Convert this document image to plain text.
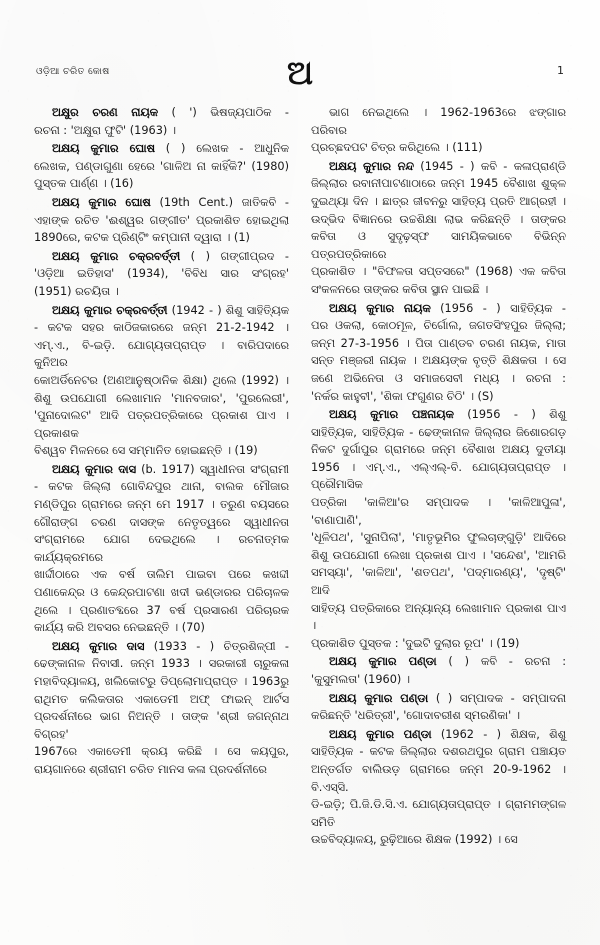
ଓଡ଼ିଆ ଚରିତ କୋଷ	ଅ	1

ଅକ୍ଷୁର ଚରଣ ନାୟକ ( ') ଭିଷଜ୍ୟପାଠିକ -

ରଚନା : 'ଅକ୍ଷୁରା ଫୁଟି' (1963) ।

ଅକ୍ଷୟ କୁମାର ଘୋଷ ( ) ଲେଖକ - ଆଧୁନିକ

ଲେଖକ, ପଣ୍ଡାଗୁଣା ହେରେ 'ଗାଳିଅ ନା କାହିଁକି?' (1980)

ପୁସ୍ତକ ପାର୍ଣ୍ଣ । (16)

ଅକ୍ଷୟ କୁମାର ଘୋଷ (19th Cent.) ଜାତିକବି -

ଏହାଙ୍କ ରଚିତ 'ଈଶ୍ୱର ଗଙ୍ଗୀତ' ପ୍ରକାଶିତ ହୋଇଥିଲା

1890ରେ, କଟକ ପ୍ରିଣ୍ଟିଂ କମ୍ପାନୀ ଦ୍ୱାରା । (1)

ଅକ୍ଷୟ କୁମାର ଚକ୍ରବର୍ତ୍ତୀ ( ) ଗଙ୍ଗୀପ୍ରଦ -

'ଓଡ଼ିଆ ଇତିହାସ' (1934), 'ବିବିଧ ସାର ସଂଗ୍ରହ'

(1951) ରଚୟିତା ।

ଅକ୍ଷୟ କୁମାର ଚକ୍ରବର୍ତ୍ତୀ (1942 - ) ଶିଶୁ ସାହିତ୍ୟିକ

- କଟକ ସହର କାଠିଜକାରରେ ଜନ୍ମ 21-2-1942 ।

ଏମ୍.ଏ., ବି-ଇଡ଼ି. ଯୋଗ୍ୟତାପ୍ରାପ୍ତ । ବାରିପଦାରେ କୁନିଅର

କୋଅର୍ଡିନେଟର (ଅଣଆନୁଷ୍ଠାନିକ ଶିକ୍ଷା) ଥିଲେ (1992) ।

ଶିଶୁ ଉପଯୋଗୀ ଲେଖାମାନ 'ମାନବଜାର', 'ପୁରଲେରୀ',

'ପୁନାଦୋଲଟ' ଆଦି ପତ୍ରପତ୍ରିକାରେ ପ୍ରକାଶ ପାଏ । ପ୍ରକାଶକ

ବିଶ୍ୱବ ମିଳନରେ ସେ ସମ୍ମାନିତ ହୋଇଛନ୍ତି । (19)

ଅକ୍ଷୟ କୁମାର ଦାସ (b. 1917) ସ୍ୱାଧୀନତା ସଂଗ୍ରାମୀ

- କଟକ ଜିଲ୍ଲା ଗୋବିନ୍ଦପୁର ଥାନା, ବାଲକ ମୌଜାର

ମଣ୍ଡିପୁର ଗ୍ରାମରେ ଜନ୍ମ ମେ 1917 । ତରୁଣ ବୟସରେ

ଗୌରାଙ୍ଗ ଚରଣ ଦାସଙ୍କ ନେତୃତ୍ୱରେ ସ୍ୱାଧୀନତା

ସଂଗ୍ରାମରେ ଯୋଗ ଦେଇଥିଲେ । ରଚନାତ୍ମକ କାର୍ଯ୍ୟକ୍ରମରେ

ଖାର୍ଦ୍ଦୀଠାରେ ଏକ ବର୍ଷ ତାଲିମ ପାଇବା ପରେ କଖଦ୍ଦୀ

ପଣାକେନ୍ଦ୍ର ଓ କେନ୍ଦ୍ରପାଟଣା ଖଦୀ ଭଣ୍ଡାରର ପରିଚାଳକ

ଥିଲେ । ପ୍ରଣାତବ୍ଦରେ 37 ବର୍ଷ ପ୍ରସାରଣ ପରିଚାରକ

କାର୍ଯ୍ୟ କରି ଅବସର ନେଇଛନ୍ତି । (70)

ଅକ୍ଷୟ କୁମାର ଦାସ (1933 - ) ଚିତ୍ରଶିଳ୍ପୀ -

ଢେଙ୍କାନାଳ ନିବାସୀ. ଜନ୍ମ 1933 । ସରକାରୀ ଚାରୁକଳା

ମହାବିଦ୍ୟାଳୟ, ଖଲିକୋଟରୁ ଡିପ୍ଲୋମାପ୍ରାପ୍ତ । 1963ରୁ

ରାଥିମତ କଲିକତାର ଏକାଡେମୀ ଅଫ୍ ଫାଇନ୍ ଆର୍ଟସ

ପ୍ରଦର୍ଶନୀରେ ଭାଗ ନିଅନ୍ତି । ତାଙ୍କ 'ଶ୍ରୀ ଜଗନ୍ନାଥ ବିଗ୍ରହ'

1967ରେ ଏକାଡେମୀ କ୍ରୟ କରିଛି । ସେ କୟପୁର,

ରାୟଗାନରେ ଶ୍ରୀରାମ ଚରିତ ମାନସ କଳା ପ୍ରଦର୍ଶନୀରେ

ଭାଗ ନେଇଥିଲେ । 1962-1963ରେ ଝଙ୍ଗାର ପରିବାର

ପ୍ରଚ୍ଛଦପଟ ଚିତ୍ର କରିଥିଲେ । (111)

ଅକ୍ଷୟ କୁମାର ନନ୍ଦ (1945 - ) କବି - କଳାପ୍ରାଣ୍ଡି

ଜିଲ୍ଲାର ରବାନୀପାଟଣାଠାରେ ଜନ୍ମ 1945 ବୈଶାଖ ଶୁକ୍ଳ

ଦୁଇଥ୍ୟା ଦିନ । ଛାତ୍ର ଜୀବନରୁ ସାହିତ୍ୟ ପ୍ରତି ଆଗ୍ରହୀ ।

ଉଦ୍ଭିଦ ବିଜ୍ଞାନରେ ଉଚ୍ଚଶିକ୍ଷା ଲାଭ କରିଛନ୍ତି । ତାଙ୍କର

କବିତା ଓ ସୁଦୃଢ଼ସ୍ଫ ସାମୟିକଭାବେ ବିଭିନ୍ନ ପତ୍ରପତ୍ରିକାରେ

ପ୍ରକାଶିତ । "ବିଫଳତା ସପ୍ତସରେ" (1968) ଏକ କବିତା

ସଂକଳନରେ ତାଙ୍କର କବିତା ସ୍ଥାନ ପାଇଛି ।

ଅକ୍ଷୟ କୁମାର ନାୟକ (1956 - ) ସାହିତ୍ୟିକ -

ପର ଓକଲା, କୋଠମୂଳ, ଚିର୍ଗୋଲ, ଜଗତସିଂହପୁର ଜିଲ୍ଲା;

ଜନ୍ମ 27-3-1956 । ପିତା ପାଣ୍ଡବ ଚରଣ ନାୟକ, ମାତା

ସନ୍ତ ମଞ୍ଜରୀ ନାୟକ । ଅକ୍ଷୟଙ୍କ ବୃତ୍ତି ଶିକ୍ଷକତା । ସେ

ଜଣେ ଅଭିନେତା ଓ ସମାଜସେବୀ ମଧ୍ୟ । ରଚନା :

'ନର୍କର କାହୁବୀ', 'ଶିକା ଫଗୁଣର ଚିଠି' । (S)

ଅକ୍ଷୟ କୁମାର ପଞ୍ଚନାୟକ (1956 - ) ଶିଶୁ

ସାହିତ୍ୟିକ, ସାହିତ୍ୟିକ - ଢେଙ୍କାନାଳ ଜିଲ୍ଲାର ଜିଶୋରଗଡ଼

ନିକଟ ଦୁର୍ଗାପୁର ଗ୍ରାମରେ ଜନ୍ମ ବୈଶାଖ ଅକ୍ଷୟ ଦୁତୀୟା

1956 । ଏମ୍.ଏ., ଏଲ୍ଏଲ୍-ବି. ଯୋଗ୍ୟତାପ୍ରାପ୍ତ । ପ୍ରୌମାସିକ

ପତ୍ରିକା 'କାଳିଆ'ର ସମ୍ପାଦକ । 'କାଳିଆପୁଳା', 'ବାଣାପାଣି',

'ଧୂଳିପଥ', 'ସୁନାପିଲା', 'ମାତୃଭୂମିର ଫୁଲଚାଙ୍ଗୁଡ଼ି' ଆଦିରେ

ଶିଶୁ ଉପଯୋଗୀ ଲେଖା ପ୍ରକାଶ ପାଏ । 'ସନ୍ଦେଶ', 'ଆମରି

ସମସ୍ୟା', 'କାଳିଆ', 'ଶତପଥ', 'ପଦ୍ମାରଣ୍ୟ', 'ଦୃଷ୍ଟି' ଆଦି

ସାହିତ୍ୟ ପତ୍ରିକାରେ ଅନ୍ୟାନ୍ୟ ଲେଖାମାନ ପ୍ରକାଶ ପାଏ ।

ପ୍ରକାଶିତ ପୁସ୍ତକ : 'ଦୁଇଟି ଦୁଲାର ରୂପ' । (19)

ଅକ୍ଷୟ କୁମାର ପଣ୍ଡା ( ) କବି - ରଚନା :

'କୁସୁମଲତା' (1960) ।

ଅକ୍ଷୟ କୁମାର ପଣ୍ଡା ( ) ସମ୍ପାଦକ - ସମ୍ପାଦନା

କରିଛନ୍ତି 'ଧରିତ୍ରୀ', 'ଗୋଦାବରୀଶ ସ୍ମରଣିକା' ।

ଅକ୍ଷୟ କୁମାର ପଣ୍ଡା (1962 - ) ଶିକ୍ଷକ, ଶିଶୁ

ସାହିତ୍ୟିକ - କଟକ ଜିଲ୍ଲାର ଦଶରଥପୁର ଗ୍ରାମ ପଞ୍ଚାୟତ

ଅନ୍ତର୍ଗତ ବାଲିଉଡ଼ ଗ୍ରାମରେ ଜନ୍ମ 20-9-1962 । ବି.ଏସ୍ସି.

ଡି-ଇଡ଼ି; ପି.ଜି.ଡି.ସି.ଏ. ଯୋଗ୍ୟତାପ୍ରାପ୍ତ । ଗ୍ରାମମଙ୍ଗଳ ସମିତି

ଉଚ୍ଚବିଦ୍ୟାଳୟ, ରୁଢ଼ିଆରେ ଶିକ୍ଷକ (1992) । ସେ
